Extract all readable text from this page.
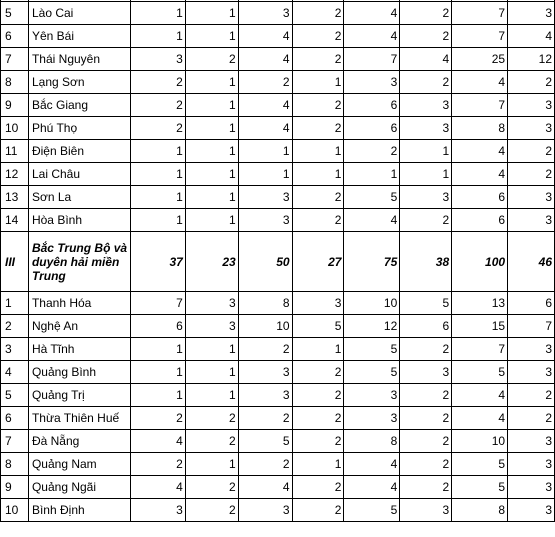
5	Lào Cai	1	1	3	2	4	2	7	3
6	Yên Bái	1	1	4	2	4	2	7	4
7	Thái Nguyên	3	2	4	2	7	4	25	12
8	Lạng Sơn	2	1	2	1	3	2	4	2
9	Bắc Giang	2	1	4	2	6	3	7	3
10	Phú Thọ	2	1	4	2	6	3	8	3
11	Điện Biên	1	1	1	1	2	1	4	2
12	Lai Châu	1	1	1	1	1	1	4	2
13	Sơn La	1	1	3	2	5	3	6	3
14	Hòa Bình	1	1	3	2	4	2	6	3
III	Bắc Trung Bộ và duyên hải miền Trung	37	23	50	27	75	38	100	46
1	Thanh Hóa	7	3	8	3	10	5	13	6
2	Nghệ An	6	3	10	5	12	6	15	7
3	Hà Tĩnh	1	1	2	1	5	2	7	3
4	Quảng Bình	1	1	3	2	5	3	5	3
5	Quảng Trị	1	1	3	2	3	2	4	2
6	Thừa Thiên Huế	2	2	2	2	3	2	4	2
7	Đà Nẵng	4	2	5	2	8	2	10	3
8	Quảng Nam	2	1	2	1	4	2	5	3
9	Quảng Ngãi	4	2	4	2	4	2	5	3
10	Bình Định	3	2	3	2	5	3	8	3
